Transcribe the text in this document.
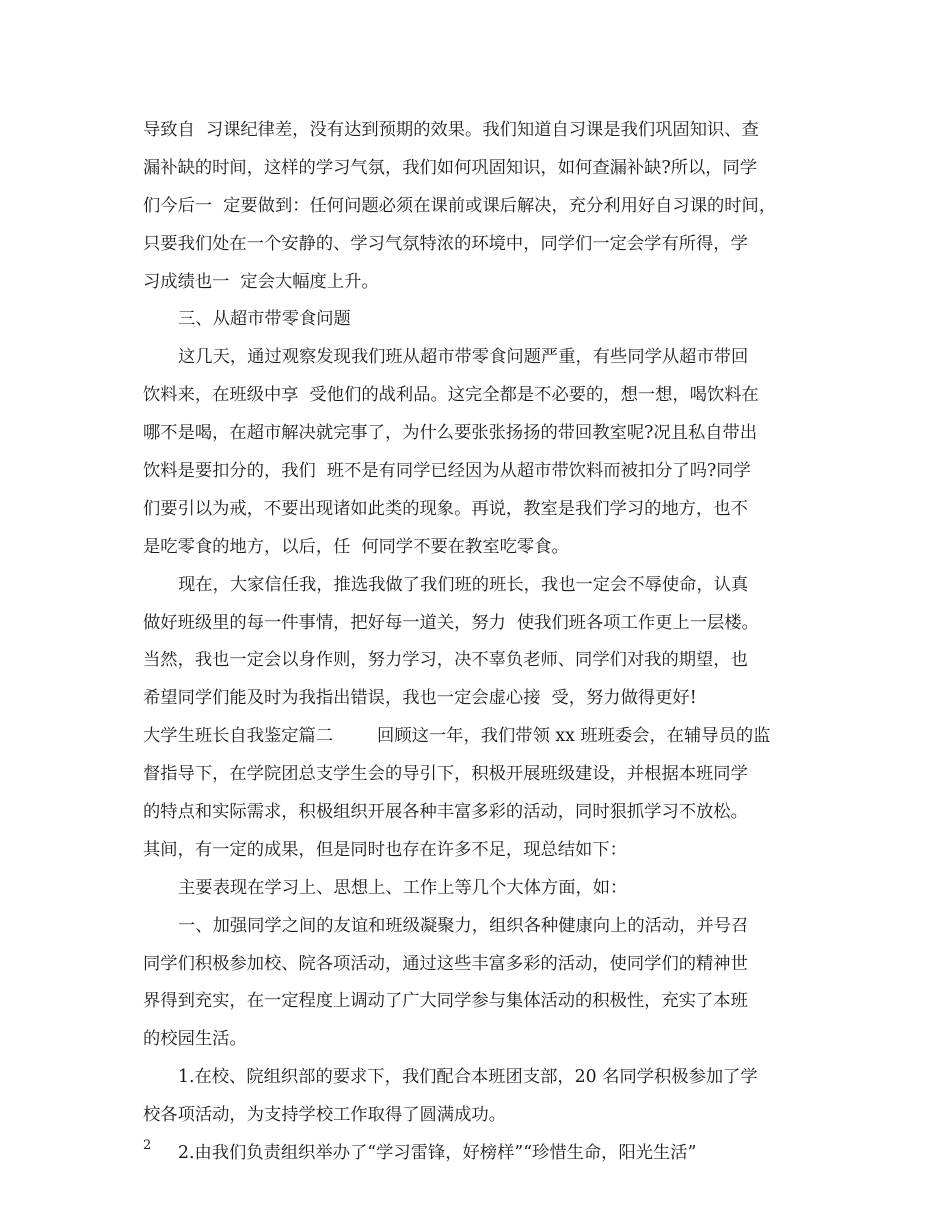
导致自  习课纪律差，没有达到预期的效果。我们知道自习课是我们巩固知识、查
漏补缺的时间，这样的学习气氛，我们如何巩固知识，如何查漏补缺?所以，同学
们今后一  定要做到：任何问题必须在课前或课后解决，充分利用好自习课的时间，
只要我们处在一个安静的、学习气氛特浓的环境中，同学们一定会学有所得，学
习成绩也一  定会大幅度上升。
三、从超市带零食问题
这几天，通过观察发现我们班从超市带零食问题严重，有些同学从超市带回
饮料来，在班级中享  受他们的战利品。这完全都是不必要的，想一想，喝饮料在
哪不是喝，在超市解决就完事了，为什么要张张扬扬的带回教室呢?况且私自带出
饮料是要扣分的，我们  班不是有同学已经因为从超市带饮料而被扣分了吗?同学
们要引以为戒，不要出现诸如此类的现象。再说，教室是我们学习的地方，也不
是吃零食的地方，以后，任  何同学不要在教室吃零食。
现在，大家信任我，推选我做了我们班的班长，我也一定会不辱使命，认真
做好班级里的每一件事情，把好每一道关，努力  使我们班各项工作更上一层楼。
当然，我也一定会以身作则，努力学习，决不辜负老师、同学们对我的期望，也
希望同学们能及时为我指出错误，我也一定会虚心接  受，努力做得更好!
大学生班长自我鉴定篇二        回顾这一年，我们带领 xx 班班委会，在辅导员的监
督指导下，在学院团总支学生会的导引下，积极开展班级建设，并根据本班同学
的特点和实际需求，积极组织开展各种丰富多彩的活动，同时狠抓学习不放松。
其间，有一定的成果，但是同时也存在许多不足，现总结如下：
主要表现在学习上、思想上、工作上等几个大体方面，如：
一、加强同学之间的友谊和班级凝聚力，组织各种健康向上的活动，并号召
同学们积极参加校、院各项活动，通过这些丰富多彩的活动，使同学们的精神世
界得到充实，在一定程度上调动了广大同学参与集体活动的积极性，充实了本班
的校园生活。
1.在校、院组织部的要求下，我们配合本班团支部，20 名同学积极参加了学
校各项活动，为支持学校工作取得了圆满成功。
2.由我们负责组织举办了“学习雷锋，好榜样”“珍惜生命，阳光生活”
2
